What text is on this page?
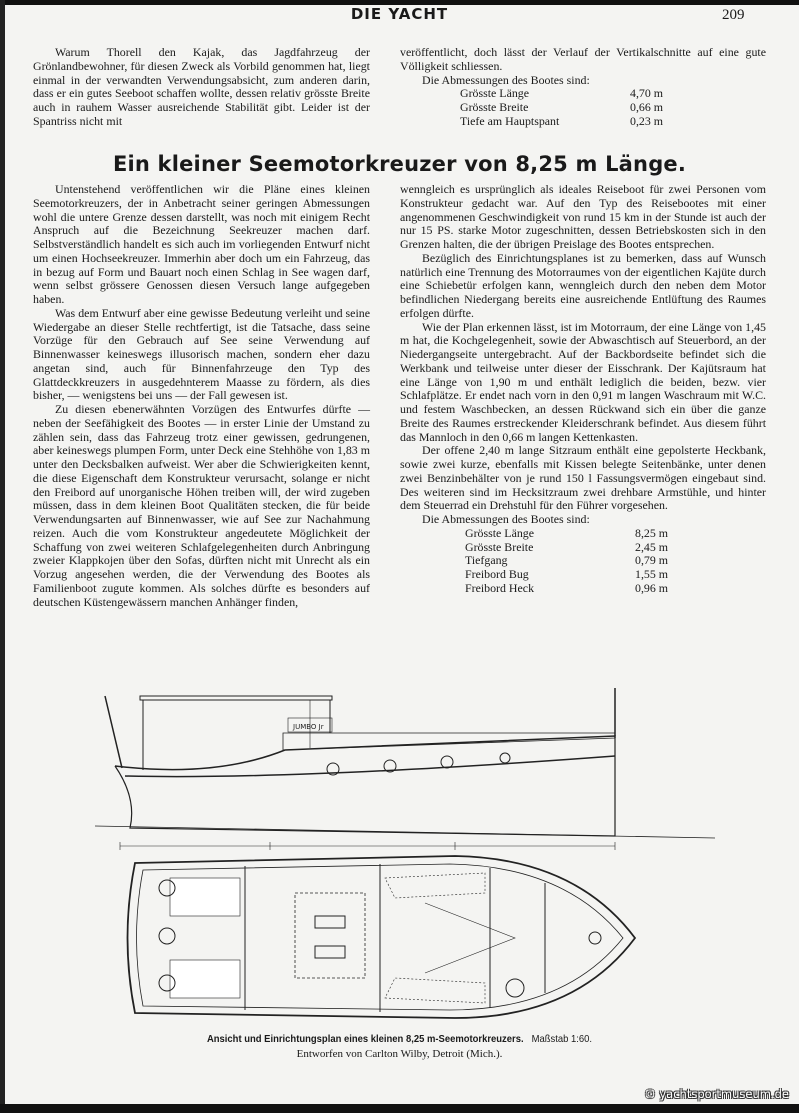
DIE YACHT	209

Warum Thorell den Kajak, das Jagdfahrzeug der Grönlandbewohner, für diesen Zweck als Vorbild genommen hat, liegt einmal in der verwandten Verwendungsabsicht, zum anderen darin, dass er ein gutes Seeboot schaffen wollte, dessen relativ grösste Breite auch in rauhem Wasser ausreichende Stabilität gibt. Leider ist der Spantriss nicht mit

veröffentlicht, doch lässt der Verlauf der Vertikalschnitte auf eine gute Völligkeit schliessen.

Die Abmessungen des Bootes sind:

Grösste Länge	4,70 m
Grösste Breite	0,66 m
Tiefe am Hauptspant	0,23 m
Ein kleiner Seemotorkreuzer von 8,25 m Länge.

Untenstehend veröffentlichen wir die Pläne eines kleinen Seemotorkreuzers, der in Anbetracht seiner geringen Abmessungen wohl die untere Grenze dessen darstellt, was noch mit einigem Recht Anspruch auf die Bezeichnung Seekreuzer machen darf. Selbstverständlich handelt es sich auch im vorliegenden Entwurf nicht um einen Hochseekreuzer. Immerhin aber doch um ein Fahrzeug, das in bezug auf Form und Bauart noch einen Schlag in See wagen darf, wenn selbst grössere Genossen diesen Versuch lange aufgegeben haben.

Was dem Entwurf aber eine gewisse Bedeutung verleiht und seine Wiedergabe an dieser Stelle rechtfertigt, ist die Tatsache, dass seine Vorzüge für den Gebrauch auf See seine Verwendung auf Binnenwasser keineswegs illusorisch machen, sondern eher dazu angetan sind, auch für Binnenfahrzeuge den Typ des Glattdeckkreuzers in ausgedehnterem Maasse zu fördern, als dies bisher, — wenigstens bei uns — der Fall gewesen ist.

Zu diesen ebenerwähnten Vorzügen des Entwurfes dürfte — neben der Seefähigkeit des Bootes — in erster Linie der Umstand zu zählen sein, dass das Fahrzeug trotz einer gewissen, gedrungenen, aber keineswegs plumpen Form, unter Deck eine Stehhöhe von 1,83 m unter den Decksbalken aufweist. Wer aber die Schwierigkeiten kennt, die diese Eigenschaft dem Konstrukteur verursacht, solange er nicht den Freibord auf unorganische Höhen treiben will, der wird zugeben müssen, dass in dem kleinen Boot Qualitäten stecken, die für beide Verwendungsarten auf Binnenwasser, wie auf See zur Nachahmung reizen. Auch die vom Konstrukteur angedeutete Möglichkeit der Schaffung von zwei weiteren Schlafgelegenheiten durch Anbringung zweier Klappkojen über den Sofas, dürften nicht mit Unrecht als ein Vorzug angesehen werden, die der Verwendung des Bootes als Familienboot zugute kommen. Als solches dürfte es besonders auf deutschen Küstengewässern manchen Anhänger finden,

wenngleich es ursprünglich als ideales Reiseboot für zwei Personen vom Konstrukteur gedacht war. Auf den Typ des Reisebootes mit einer angenommenen Geschwindigkeit von rund 15 km in der Stunde ist auch der nur 15 PS. starke Motor zugeschnitten, dessen Betriebskosten sich in den Grenzen halten, die der übrigen Preislage des Bootes entsprechen.

Bezüglich des Einrichtungsplanes ist zu bemerken, dass auf Wunsch natürlich eine Trennung des Motorraumes von der eigentlichen Kajüte durch eine Schiebetür erfolgen kann, wenngleich durch den neben dem Motor befindlichen Niedergang bereits eine ausreichende Entlüftung des Raumes erfolgen dürfte.

Wie der Plan erkennen lässt, ist im Motorraum, der eine Länge von 1,45 m hat, die Kochgelegenheit, sowie der Abwaschtisch auf Steuerbord, an der Niedergangseite untergebracht. Auf der Backbordseite befindet sich die Werkbank und teilweise unter dieser der Eisschrank. Der Kajütsraum hat eine Länge von 1,90 m und enthält lediglich die beiden, bezw. vier Schlafplätze. Er endet nach vorn in den 0,91 m langen Waschraum mit W.C. und festem Waschbecken, an dessen Rückwand sich ein über die ganze Breite des Raumes erstreckender Kleiderschrank befindet. Aus diesem führt das Mannloch in den 0,66 m langen Kettenkasten.

Der offene 2,40 m lange Sitzraum enthält eine gepolsterte Heckbank, sowie zwei kurze, ebenfalls mit Kissen belegte Seitenbänke, unter denen zwei Benzinbehälter von je rund 150 l Fassungsvermögen eingebaut sind. Des weiteren sind im Hecksitzraum zwei drehbare Armstühle, und hinter dem Steuerrad ein Drehstuhl für den Führer vorgesehen.

Die Abmessungen des Bootes sind:

Grösste Länge	8,25 m
Grösste Breite	2,45 m
Tiefgang	0,79 m
Freibord Bug	1,55 m
Freibord Heck	0,96 m
JUMBO Jr
Ansicht und Einrichtungsplan eines kleinen 8,25 m-Seemotorkreuzers. Maßstab 1:60.
Entworfen von Carlton Wilby, Detroit (Mich.).
© yachtsportmuseum.de
